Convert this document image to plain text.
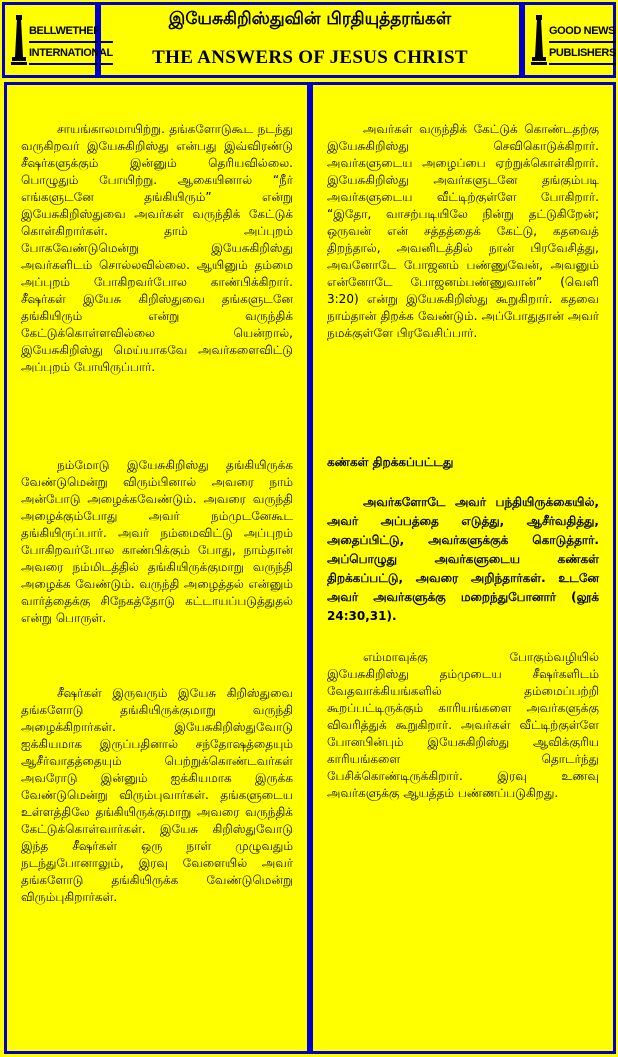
BELLWETHER
INTERNATIONAL
இயேசுகிறிஸ்துவின் பிரதியுத்தரங்கள்
THE ANSWERS OF JESUS CHRIST
GOOD NEWS
PUBLISHERS

சாயங்காலமாயிற்று. தங்களோடுகூட நடந்து வருகிறவர் இயேசுகிறிஸ்து என்பது இவ்விரண்டு சீஷர்களுக்கும் இன்னும் தெரியவில்லை. பொழுதும் போயிற்று. ஆகையினால் “நீர் எங்களுடனே தங்கியிரும்” என்று இயேசுகிறிஸ்துவை அவர்கள் வருந்திக் கேட்டுக் கொள்கிறார்கள். தாம் அப்புறம் போகவேண்டுமென்று இயேசுகிறிஸ்து அவர்களிடம் சொல்லவில்லை. ஆயினும் தம்மை அப்புறம் போகிறவர்போல காண்பிக்கிறார். சீஷர்கள் இயேசு கிறிஸ்துவை தங்களுடனே தங்கியிரும் என்று வருந்திக் கேட்டுக்கொள்ளவில்லை யென்றால், இயேசுகிறிஸ்து மெய்யாகவே அவர்களைவிட்டு அப்புறம் போயிருப்பார்.

நம்மோடு இயேசுகிறிஸ்து தங்கியிருக்க வேண்டுமென்று விரும்பினால் அவரை நாம் அன்போடு அழைக்கவேண்டும். அவரை வருந்தி அழைக்கும்போது அவர் நம்முடனேகூட தங்கியிருப்பார். அவர் நம்மைவிட்டு அப்புறம் போகிறவர்போல காண்பிக்கும் போது, நாம்தான் அவரை நம்மிடத்தில் தங்கியிருக்குமாறு வருந்தி அழைக்க வேண்டும். வருந்தி அழைத்தல் என்னும் வார்த்தைக்கு சிநேகத்தோடு கட்டாயப்படுத்துதல் என்று பொருள்.

சீஷர்கள் இருவரும் இயேசு கிறிஸ்துவை தங்களோடு தங்கியிருக்குமாறு வருந்தி அழைக்கிறார்கள். இயேசுகிறிஸ்துவோடு ஐக்கியமாக இருப்பதினால் சந்தோஷத்தையும் ஆசீர்வாதத்தையும் பெற்றுக்கொண்டவர்கள் அவரோடு இன்னும் ஐக்கியமாக இருக்க வேண்டுமென்று விரும்புவார்கள். தங்களுடைய உள்ளத்திலே தங்கியிருக்குமாறு அவரை வருந்திக் கேட்டுக்கொள்வார்கள். இயேசு கிறிஸ்துவோடு இந்த சீஷர்கள் ஒரு நாள் முழுவதும் நடந்துபோனாலும், இரவு வேளையில் அவர் தங்களோடு தங்கியிருக்க வேண்டுமென்று விரும்புகிறார்கள்.

அவர்கள் வருந்திக் கேட்டுக் கொண்டதற்கு இயேசுகிறிஸ்து செவிகொடுக்கிறார். அவர்களுடைய அழைப்பை ஏற்றுக்கொள்கிறார். இயேசுகிறிஸ்து அவர்களுடனே தங்கும்படி அவர்களுடைய வீட்டிற்குள்ளே போகிறார். “இதோ, வாசற்படியிலே நின்று தட்டுகிறேன்; ஒருவன் என் சத்தத்தைக் கேட்டு, கதவைத் திறந்தால், அவனிடத்தில் நான் பிரவேசித்து, அவனோடே போஜனம் பண்ணுவேன், அவனும் என்னோடே போஜனம்பண்ணுவான்” (வெளி 3:20) என்று இயேசுகிறிஸ்து கூறுகிறார். கதவை நாம்தான் திறக்க வேண்டும். அப்போதுதான் அவர் நமக்குள்ளே பிரவேசிப்பார்.

கண்கள் திறக்கப்பட்டது

அவர்களோடே அவர் பந்தியிருக்கையில், அவர் அப்பத்தை எடுத்து, ஆசீர்வதித்து, அதைப்பிட்டு, அவர்களுக்குக் கொடுத்தார். அப்பொழுது அவர்களுடைய கண்கள் திறக்கப்பட்டு, அவரை அறிந்தார்கள். உடனே அவர் அவர்களுக்கு மறைந்துபோனார் (லூக் 24:30,31).

எம்மாவுக்கு போகும்வழியில் இயேசுகிறிஸ்து தம்முடைய சீஷர்களிடம் வேதவாக்கியங்களில் தம்மைப்பற்றி கூறப்பட்டிருக்கும் காரியங்களை அவர்களுக்கு விவரித்துக் கூறுகிறார். அவர்கள் வீட்டிற்குள்ளே போனபின்பும் இயேசுகிறிஸ்து ஆவிக்குரிய காரியங்களை தொடர்ந்து பேசிக்கொண்டிருக்கிறார். இரவு உணவு அவர்களுக்கு ஆயத்தம் பண்ணப்படுகிறது.
